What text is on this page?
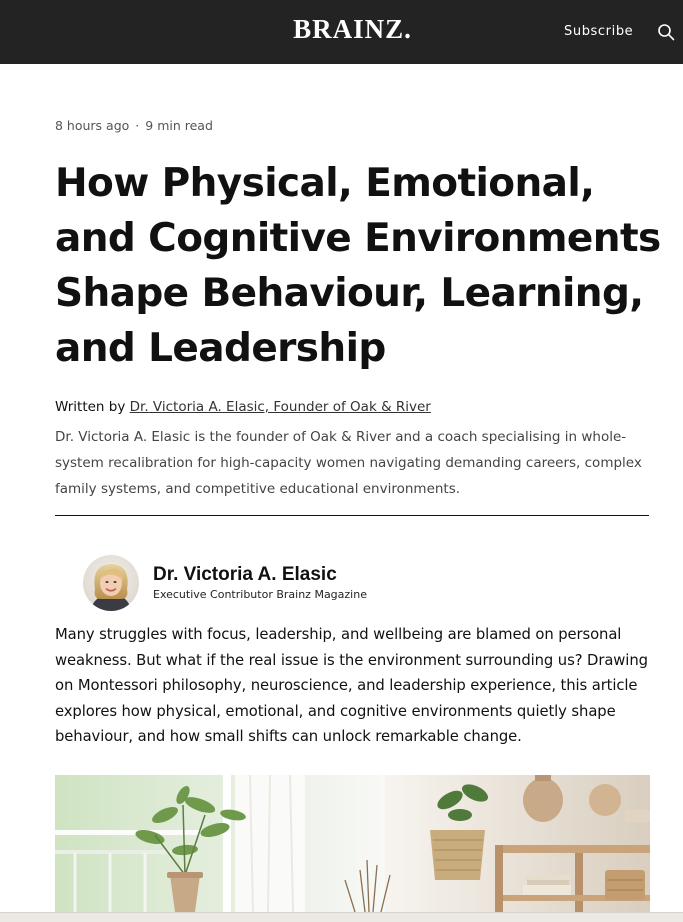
BRAINZ.	Subscribe
8 hours ago · 9 min read
How Physical, Emotional, and Cognitive Environments Shape Behaviour, Learning, and Leadership
Written by Dr. Victoria A. Elasic, Founder of Oak & River

Dr. Victoria A. Elasic is the founder of Oak & River and a coach specialising in whole-system recalibration for high-capacity women navigating demanding careers, complex family systems, and competitive educational environments.

Dr. Victoria A. Elasic
Executive Contributor Brainz Magazine

Many struggles with focus, leadership, and wellbeing are blamed on personal weakness. But what if the real issue is the environment surrounding us? Drawing on Montessori philosophy, neuroscience, and leadership experience, this article explores how physical, emotional, and cognitive environments quietly shape behaviour, and how small shifts can unlock remarkable change.
